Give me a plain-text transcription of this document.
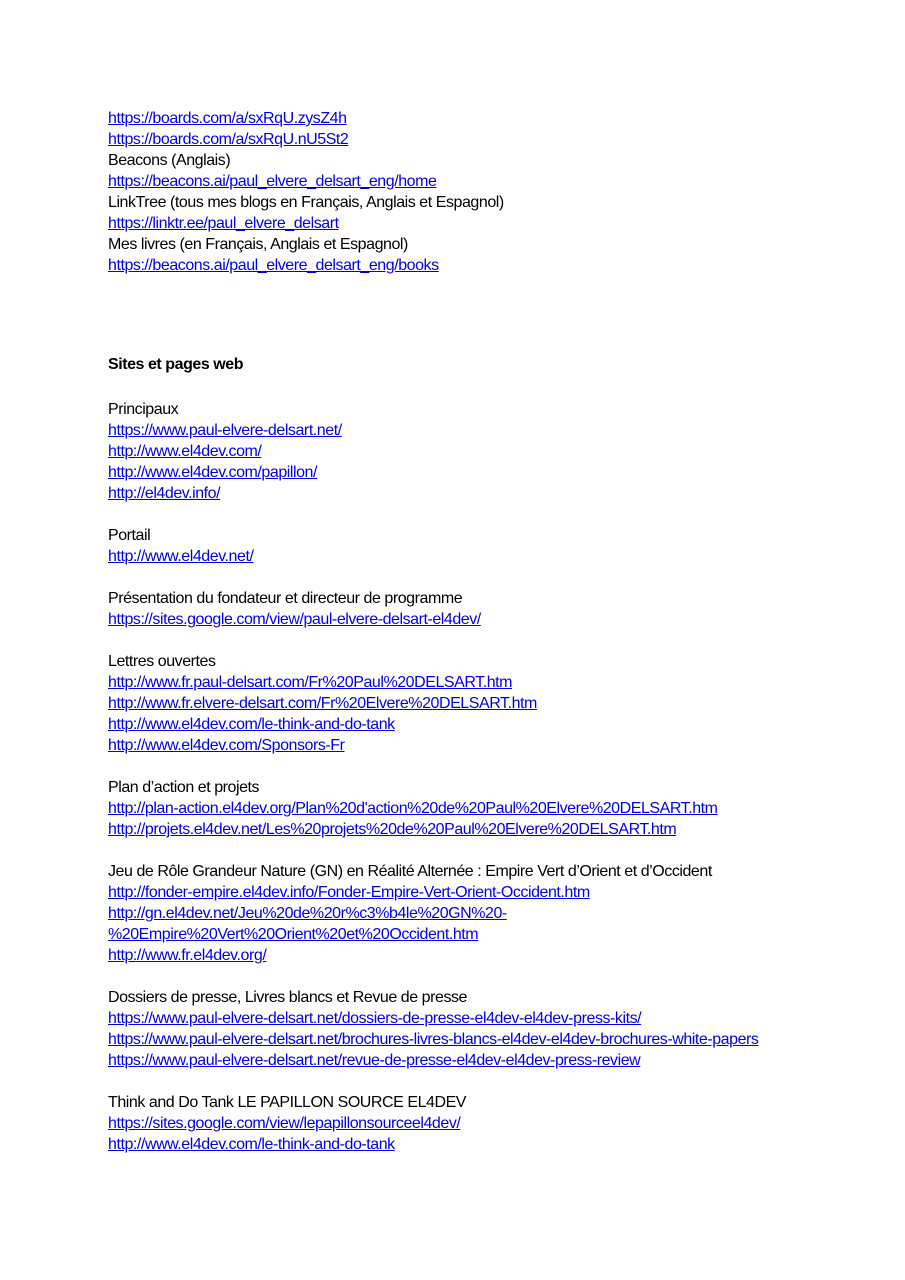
https://boards.com/a/sxRqU.zysZ4h
https://boards.com/a/sxRqU.nU5St2
Beacons (Anglais)
https://beacons.ai/paul_elvere_delsart_eng/home
LinkTree (tous mes blogs en Français, Anglais et Espagnol)
https://linktr.ee/paul_elvere_delsart
Mes livres (en Français, Anglais et Espagnol)
https://beacons.ai/paul_elvere_delsart_eng/books
Sites et pages web
Principaux
https://www.paul-elvere-delsart.net/
http://www.el4dev.com/
http://www.el4dev.com/papillon/
http://el4dev.info/
Portail
http://www.el4dev.net/
Présentation du fondateur et directeur de programme
https://sites.google.com/view/paul-elvere-delsart-el4dev/
Lettres ouvertes
http://www.fr.paul-delsart.com/Fr%20Paul%20DELSART.htm
http://www.fr.elvere-delsart.com/Fr%20Elvere%20DELSART.htm
http://www.el4dev.com/le-think-and-do-tank
http://www.el4dev.com/Sponsors-Fr
Plan d’action et projets
http://plan-action.el4dev.org/Plan%20d'action%20de%20Paul%20Elvere%20DELSART.htm
http://projets.el4dev.net/Les%20projets%20de%20Paul%20Elvere%20DELSART.htm
Jeu de Rôle Grandeur Nature (GN) en Réalité Alternée : Empire Vert d’Orient et d’Occident
http://fonder-empire.el4dev.info/Fonder-Empire-Vert-Orient-Occident.htm
http://gn.el4dev.net/Jeu%20de%20r%c3%b4le%20GN%20-
%20Empire%20Vert%20Orient%20et%20Occident.htm
http://www.fr.el4dev.org/
Dossiers de presse, Livres blancs et Revue de presse
https://www.paul-elvere-delsart.net/dossiers-de-presse-el4dev-el4dev-press-kits/
https://www.paul-elvere-delsart.net/brochures-livres-blancs-el4dev-el4dev-brochures-white-papers
https://www.paul-elvere-delsart.net/revue-de-presse-el4dev-el4dev-press-review
Think and Do Tank LE PAPILLON SOURCE EL4DEV
https://sites.google.com/view/lepapillonsourceel4dev/
http://www.el4dev.com/le-think-and-do-tank
